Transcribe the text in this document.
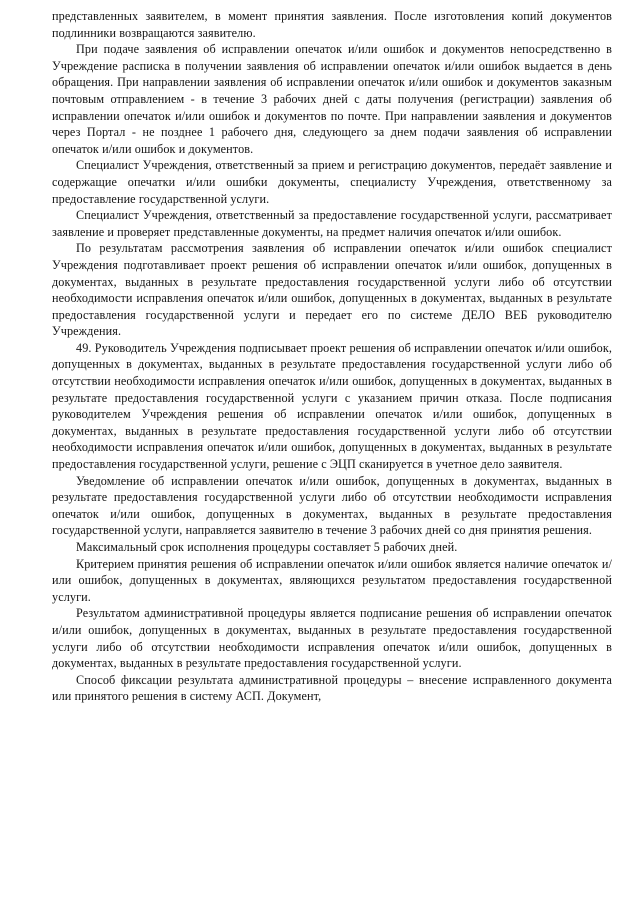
представленных заявителем, в момент принятия заявления. После изготовления копий документов подлинники возвращаются заявителю.

При подаче заявления об исправлении опечаток и/или ошибок и документов непосредственно в Учреждение расписка в получении заявления об исправлении опечаток и/или ошибок выдается в день обращения. При направлении заявления об исправлении опечаток и/или ошибок и документов заказным почтовым отправлением - в течение 3 рабочих дней с даты получения (регистрации) заявления об исправлении опечаток и/или ошибок и документов по почте. При направлении заявления и документов через Портал - не позднее 1 рабочего дня, следующего за днем подачи заявления об исправлении опечаток и/или ошибок и документов.

Специалист Учреждения, ответственный за прием и регистрацию документов, передаёт заявление и содержащие опечатки и/или ошибки документы, специалисту Учреждения, ответственному за предоставление государственной услуги.

Специалист Учреждения, ответственный за предоставление государственной услуги, рассматривает заявление и проверяет представленные документы, на предмет наличия опечаток и/или ошибок.

По результатам рассмотрения заявления об исправлении опечаток и/или ошибок специалист Учреждения подготавливает проект решения об исправлении опечаток и/или ошибок, допущенных в документах, выданных в результате предоставления государственной услуги либо об отсутствии необходимости исправления опечаток и/или ошибок, допущенных в документах, выданных в результате предоставления государственной услуги и передает его по системе ДЕЛО ВЕБ руководителю Учреждения.

49. Руководитель Учреждения подписывает проект решения об исправлении опечаток и/или ошибок, допущенных в документах, выданных в результате предоставления государственной услуги либо об отсутствии необходимости исправления опечаток и/или ошибок, допущенных в документах, выданных в результате предоставления государственной услуги с указанием причин отказа. После подписания руководителем Учреждения решения об исправлении опечаток и/или ошибок, допущенных в документах, выданных в результате предоставления государственной услуги либо об отсутствии необходимости исправления опечаток и/или ошибок, допущенных в документах, выданных в результате предоставления государственной услуги, решение с ЭЦП сканируется в учетное дело заявителя.

Уведомление об исправлении опечаток и/или ошибок, допущенных в документах, выданных в результате предоставления государственной услуги либо об отсутствии необходимости исправления опечаток и/или ошибок, допущенных в документах, выданных в результате предоставления государственной услуги, направляется заявителю в течение 3 рабочих дней со дня принятия решения.

Максимальный срок исполнения процедуры составляет 5 рабочих дней.

Критерием принятия решения об исправлении опечаток и/или ошибок является наличие опечаток и/или ошибок, допущенных в документах, являющихся результатом предоставления государственной услуги.

Результатом административной процедуры является подписание решения об исправлении опечаток и/или ошибок, допущенных в документах, выданных в результате предоставления государственной услуги либо об отсутствии необходимости исправления опечаток и/или ошибок, допущенных в документах, выданных в результате предоставления государственной услуги.

Способ фиксации результата административной процедуры – внесение исправленного документа или принятого решения в систему АСП. Документ,
